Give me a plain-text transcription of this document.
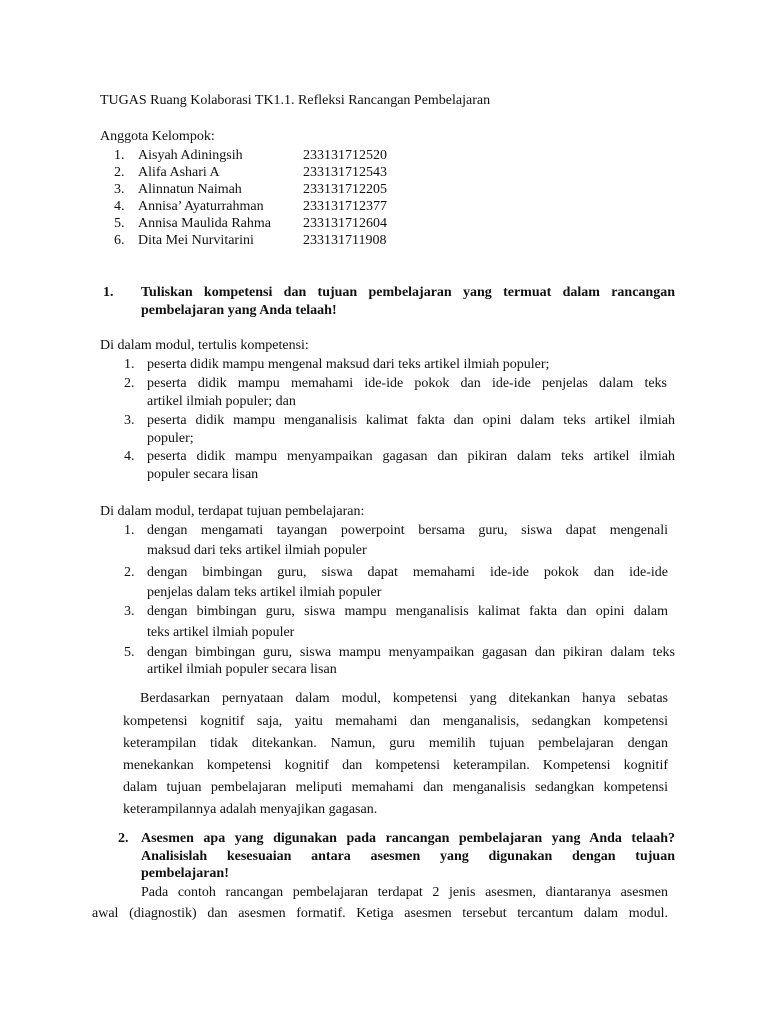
TUGAS Ruang Kolaborasi TK1.1. Refleksi Rancangan Pembelajaran
Anggota Kelompok:
1. Aisyah Adiningsih	233131712520
2. Alifa Ashari A	233131712543
3. Alinnatun Naimah	233131712205
4. Annisa’ Ayaturrahman	233131712377
5. Annisa Maulida Rahma 233131712604
6. Dita Mei Nurvitarini	233131711908
1. Tuliskan kompetensi dan tujuan pembelajaran yang termuat dalam rancangan
pembelajaran yang Anda telaah!
Di dalam modul, tertulis kompetensi:
1. peserta didik mampu mengenal maksud dari teks artikel ilmiah populer;
2. peserta didik mampu memahami ide-ide pokok dan ide-ide penjelas dalam teks
artikel ilmiah populer; dan
3. peserta didik mampu menganalisis kalimat fakta dan opini dalam teks artikel ilmiah
populer;
4. peserta didik mampu menyampaikan gagasan dan pikiran dalam teks artikel ilmiah
populer secara lisan
Di dalam modul, terdapat tujuan pembelajaran:
1. dengan mengamati tayangan powerpoint bersama guru, siswa dapat mengenali
maksud dari teks artikel ilmiah populer
2. dengan bimbingan guru, siswa dapat memahami ide-ide pokok dan ide-ide
penjelas dalam teks artikel ilmiah populer
3. dengan bimbingan guru, siswa mampu menganalisis kalimat fakta dan opini dalam
teks artikel ilmiah populer
5. dengan bimbingan guru, siswa mampu menyampaikan gagasan dan pikiran dalam teks
artikel ilmiah populer secara lisan
Berdasarkan pernyataan dalam modul, kompetensi yang ditekankan hanya sebatas
kompetensi kognitif saja, yaitu memahami dan menganalisis, sedangkan kompetensi
keterampilan tidak ditekankan. Namun, guru memilih tujuan pembelajaran dengan
menekankan kompetensi kognitif dan kompetensi keterampilan. Kompetensi kognitif
dalam tujuan pembelajaran meliputi memahami dan menganalisis sedangkan kompetensi
keterampilannya adalah menyajikan gagasan.
2. Asesmen apa yang digunakan pada rancangan pembelajaran yang Anda telaah?
Analisislah kesesuaian antara asesmen yang digunakan dengan tujuan
pembelajaran!
Pada contoh rancangan pembelajaran terdapat 2 jenis asesmen, diantaranya asesmen
awal (diagnostik) dan asesmen formatif. Ketiga asesmen tersebut tercantum dalam modul.
